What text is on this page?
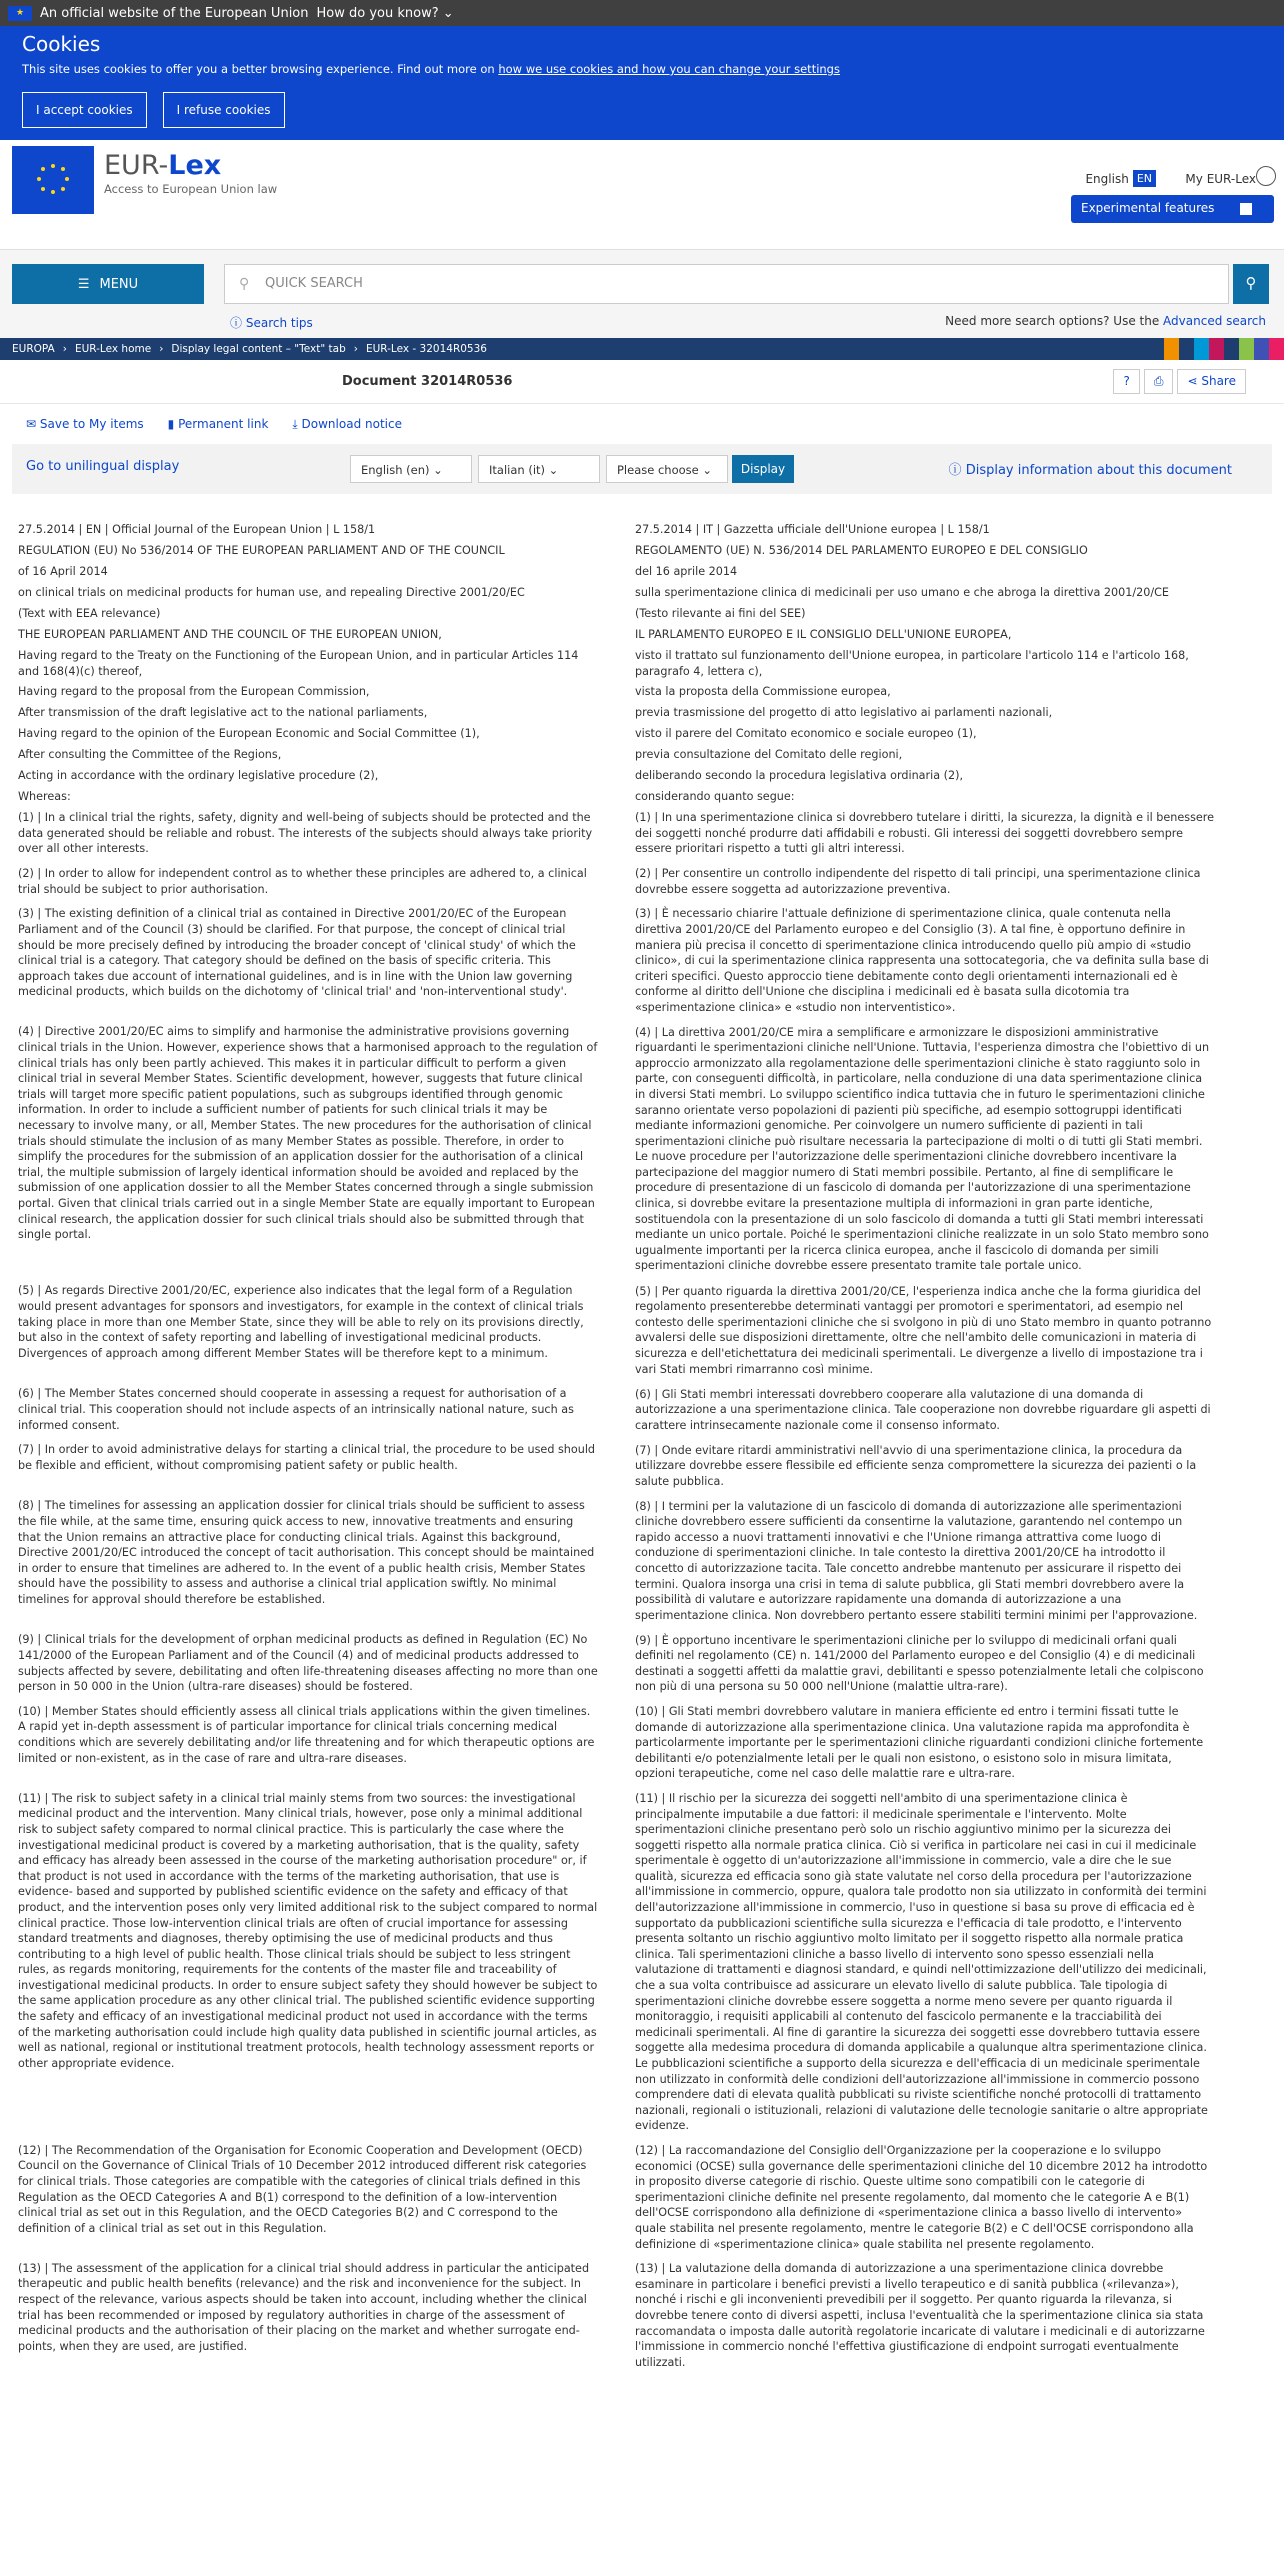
★	An official website of the European Union How do you know? ⌄
Cookies

This site uses cookies to offer you a better browsing experience. Find out more on how we use cookies and how you can change your settings

I accept cookies	I refuse cookies
EUR-Lex
Access to European Union law
English EN	My EUR-Lex
Experimental features
☰ MENU	⚲ QUICK SEARCH	⚲
ⓘ Search tips	Need more search options? Use the Advanced search
EUROPA › EUR-Lex home › Display legal content – "Text" tab › EUR-Lex - 32014R0536
Document 32014R0536	?	⎙	⋖ Share
✉ Save to My items ▮ Permanent link ⤓ Download notice
Go to unilingual display	English (en) ⌄	Italian (it) ⌄	Please choose ⌄	Display	ⓘ Display information about this document

27.5.2014 | EN | Official Journal of the European Union | L 158/1

REGULATION (EU) No 536/2014 OF THE EUROPEAN PARLIAMENT AND OF THE COUNCIL

of 16 April 2014

on clinical trials on medicinal products for human use, and repealing Directive 2001/20/EC

(Text with EEA relevance)

THE EUROPEAN PARLIAMENT AND THE COUNCIL OF THE EUROPEAN UNION,

Having regard to the Treaty on the Functioning of the European Union, and in particular Articles 114 and 168(4)(c) thereof,

Having regard to the proposal from the European Commission,

After transmission of the draft legislative act to the national parliaments,

Having regard to the opinion of the European Economic and Social Committee (1),

After consulting the Committee of the Regions,

Acting in accordance with the ordinary legislative procedure (2),

Whereas:

(1) | In a clinical trial the rights, safety, dignity and well-being of subjects should be protected and the data generated should be reliable and robust. The interests of the subjects should always take priority over all other interests.

(2) | In order to allow for independent control as to whether these principles are adhered to, a clinical trial should be subject to prior authorisation.

(3) | The existing definition of a clinical trial as contained in Directive 2001/20/EC of the European Parliament and of the Council (3) should be clarified. For that purpose, the concept of clinical trial should be more precisely defined by introducing the broader concept of 'clinical study' of which the clinical trial is a category. That category should be defined on the basis of specific criteria. This approach takes due account of international guidelines, and is in line with the Union law governing medicinal products, which builds on the dichotomy of 'clinical trial' and 'non-interventional study'.

(4) | Directive 2001/20/EC aims to simplify and harmonise the administrative provisions governing clinical trials in the Union. However, experience shows that a harmonised approach to the regulation of clinical trials has only been partly achieved. This makes it in particular difficult to perform a given clinical trial in several Member States. Scientific development, however, suggests that future clinical trials will target more specific patient populations, such as subgroups identified through genomic information. In order to include a sufficient number of patients for such clinical trials it may be necessary to involve many, or all, Member States. The new procedures for the authorisation of clinical trials should stimulate the inclusion of as many Member States as possible. Therefore, in order to simplify the procedures for the submission of an application dossier for the authorisation of a clinical trial, the multiple submission of largely identical information should be avoided and replaced by the submission of one application dossier to all the Member States concerned through a single submission portal. Given that clinical trials carried out in a single Member State are equally important to European clinical research, the application dossier for such clinical trials should also be submitted through that single portal.

(5) | As regards Directive 2001/20/EC, experience also indicates that the legal form of a Regulation would present advantages for sponsors and investigators, for example in the context of clinical trials taking place in more than one Member State, since they will be able to rely on its provisions directly, but also in the context of safety reporting and labelling of investigational medicinal products. Divergences of approach among different Member States will be therefore kept to a minimum.

(6) | The Member States concerned should cooperate in assessing a request for authorisation of a clinical trial. This cooperation should not include aspects of an intrinsically national nature, such as informed consent.

(7) | In order to avoid administrative delays for starting a clinical trial, the procedure to be used should be flexible and efficient, without compromising patient safety or public health.

(8) | The timelines for assessing an application dossier for clinical trials should be sufficient to assess the file while, at the same time, ensuring quick access to new, innovative treatments and ensuring that the Union remains an attractive place for conducting clinical trials. Against this background, Directive 2001/20/EC introduced the concept of tacit authorisation. This concept should be maintained in order to ensure that timelines are adhered to. In the event of a public health crisis, Member States should have the possibility to assess and authorise a clinical trial application swiftly. No minimal timelines for approval should therefore be established.

(9) | Clinical trials for the development of orphan medicinal products as defined in Regulation (EC) No 141/2000 of the European Parliament and of the Council (4) and of medicinal products addressed to subjects affected by severe, debilitating and often life-threatening diseases affecting no more than one person in 50 000 in the Union (ultra-rare diseases) should be fostered.

(10) | Member States should efficiently assess all clinical trials applications within the given timelines. A rapid yet in-depth assessment is of particular importance for clinical trials concerning medical conditions which are severely debilitating and/or life threatening and for which therapeutic options are limited or non-existent, as in the case of rare and ultra-rare diseases.

(11) | The risk to subject safety in a clinical trial mainly stems from two sources: the investigational medicinal product and the intervention. Many clinical trials, however, pose only a minimal additional risk to subject safety compared to normal clinical practice. This is particularly the case where the investigational medicinal product is covered by a marketing authorisation, that is the quality, safety and efficacy has already been assessed in the course of the marketing authorisation procedure" or, if that product is not used in accordance with the terms of the marketing authorisation, that use is evidence- based and supported by published scientific evidence on the safety and efficacy of that product, and the intervention poses only very limited additional risk to the subject compared to normal clinical practice. Those low-intervention clinical trials are often of crucial importance for assessing standard treatments and diagnoses, thereby optimising the use of medicinal products and thus contributing to a high level of public health. Those clinical trials should be subject to less stringent rules, as regards monitoring, requirements for the contents of the master file and traceability of investigational medicinal products. In order to ensure subject safety they should however be subject to the same application procedure as any other clinical trial. The published scientific evidence supporting the safety and efficacy of an investigational medicinal product not used in accordance with the terms of the marketing authorisation could include high quality data published in scientific journal articles, as well as national, regional or institutional treatment protocols, health technology assessment reports or other appropriate evidence.

(12) | The Recommendation of the Organisation for Economic Cooperation and Development (OECD) Council on the Governance of Clinical Trials of 10 December 2012 introduced different risk categories for clinical trials. Those categories are compatible with the categories of clinical trials defined in this Regulation as the OECD Categories A and B(1) correspond to the definition of a low-intervention clinical trial as set out in this Regulation, and the OECD Categories B(2) and C correspond to the definition of a clinical trial as set out in this Regulation.

(13) | The assessment of the application for a clinical trial should address in particular the anticipated therapeutic and public health benefits (relevance) and the risk and inconvenience for the subject. In respect of the relevance, various aspects should be taken into account, including whether the clinical trial has been recommended or imposed by regulatory authorities in charge of the assessment of medicinal products and the authorisation of their placing on the market and whether surrogate end-points, when they are used, are justified.

27.5.2014 | IT | Gazzetta ufficiale dell'Unione europea | L 158/1

REGOLAMENTO (UE) N. 536/2014 DEL PARLAMENTO EUROPEO E DEL CONSIGLIO

del 16 aprile 2014

sulla sperimentazione clinica di medicinali per uso umano e che abroga la direttiva 2001/20/CE

(Testo rilevante ai fini del SEE)

IL PARLAMENTO EUROPEO E IL CONSIGLIO DELL'UNIONE EUROPEA,

visto il trattato sul funzionamento dell'Unione europea, in particolare l'articolo 114 e l'articolo 168, paragrafo 4, lettera c),

vista la proposta della Commissione europea,

previa trasmissione del progetto di atto legislativo ai parlamenti nazionali,

visto il parere del Comitato economico e sociale europeo (1),

previa consultazione del Comitato delle regioni,

deliberando secondo la procedura legislativa ordinaria (2),

considerando quanto segue:

(1) | In una sperimentazione clinica si dovrebbero tutelare i diritti, la sicurezza, la dignità e il benessere dei soggetti nonché produrre dati affidabili e robusti. Gli interessi dei soggetti dovrebbero sempre essere prioritari rispetto a tutti gli altri interessi.

(2) | Per consentire un controllo indipendente del rispetto di tali principi, una sperimentazione clinica dovrebbe essere soggetta ad autorizzazione preventiva.

(3) | È necessario chiarire l'attuale definizione di sperimentazione clinica, quale contenuta nella direttiva 2001/20/CE del Parlamento europeo e del Consiglio (3). A tal fine, è opportuno definire in maniera più precisa il concetto di sperimentazione clinica introducendo quello più ampio di «studio clinico», di cui la sperimentazione clinica rappresenta una sottocategoria, che va definita sulla base di criteri specifici. Questo approccio tiene debitamente conto degli orientamenti internazionali ed è conforme al diritto dell'Unione che disciplina i medicinali ed è basata sulla dicotomia tra «sperimentazione clinica» e «studio non interventistico».

(4) | La direttiva 2001/20/CE mira a semplificare e armonizzare le disposizioni amministrative riguardanti le sperimentazioni cliniche nell'Unione. Tuttavia, l'esperienza dimostra che l'obiettivo di un approccio armonizzato alla regolamentazione delle sperimentazioni cliniche è stato raggiunto solo in parte, con conseguenti difficoltà, in particolare, nella conduzione di una data sperimentazione clinica in diversi Stati membri. Lo sviluppo scientifico indica tuttavia che in futuro le sperimentazioni cliniche saranno orientate verso popolazioni di pazienti più specifiche, ad esempio sottogruppi identificati mediante informazioni genomiche. Per coinvolgere un numero sufficiente di pazienti in tali sperimentazioni cliniche può risultare necessaria la partecipazione di molti o di tutti gli Stati membri. Le nuove procedure per l'autorizzazione delle sperimentazioni cliniche dovrebbero incentivare la partecipazione del maggior numero di Stati membri possibile. Pertanto, al fine di semplificare le procedure di presentazione di un fascicolo di domanda per l'autorizzazione di una sperimentazione clinica, si dovrebbe evitare la presentazione multipla di informazioni in gran parte identiche, sostituendola con la presentazione di un solo fascicolo di domanda a tutti gli Stati membri interessati mediante un unico portale. Poiché le sperimentazioni cliniche realizzate in un solo Stato membro sono ugualmente importanti per la ricerca clinica europea, anche il fascicolo di domanda per simili sperimentazioni cliniche dovrebbe essere presentato tramite tale portale unico.

(5) | Per quanto riguarda la direttiva 2001/20/CE, l'esperienza indica anche che la forma giuridica del regolamento presenterebbe determinati vantaggi per promotori e sperimentatori, ad esempio nel contesto delle sperimentazioni cliniche che si svolgono in più di uno Stato membro in quanto potranno avvalersi delle sue disposizioni direttamente, oltre che nell'ambito delle comunicazioni in materia di sicurezza e dell'etichettatura dei medicinali sperimentali. Le divergenze a livello di impostazione tra i vari Stati membri rimarranno così minime.

(6) | Gli Stati membri interessati dovrebbero cooperare alla valutazione di una domanda di autorizzazione a una sperimentazione clinica. Tale cooperazione non dovrebbe riguardare gli aspetti di carattere intrinsecamente nazionale come il consenso informato.

(7) | Onde evitare ritardi amministrativi nell'avvio di una sperimentazione clinica, la procedura da utilizzare dovrebbe essere flessibile ed efficiente senza compromettere la sicurezza dei pazienti o la salute pubblica.

(8) | I termini per la valutazione di un fascicolo di domanda di autorizzazione alle sperimentazioni cliniche dovrebbero essere sufficienti da consentirne la valutazione, garantendo nel contempo un rapido accesso a nuovi trattamenti innovativi e che l'Unione rimanga attrattiva come luogo di conduzione di sperimentazioni cliniche. In tale contesto la direttiva 2001/20/CE ha introdotto il concetto di autorizzazione tacita. Tale concetto andrebbe mantenuto per assicurare il rispetto dei termini. Qualora insorga una crisi in tema di salute pubblica, gli Stati membri dovrebbero avere la possibilità di valutare e autorizzare rapidamente una domanda di autorizzazione a una sperimentazione clinica. Non dovrebbero pertanto essere stabiliti termini minimi per l'approvazione.

(9) | È opportuno incentivare le sperimentazioni cliniche per lo sviluppo di medicinali orfani quali definiti nel regolamento (CE) n. 141/2000 del Parlamento europeo e del Consiglio (4) e di medicinali destinati a soggetti affetti da malattie gravi, debilitanti e spesso potenzialmente letali che colpiscono non più di una persona su 50 000 nell'Unione (malattie ultra-rare).

(10) | Gli Stati membri dovrebbero valutare in maniera efficiente ed entro i termini fissati tutte le domande di autorizzazione alla sperimentazione clinica. Una valutazione rapida ma approfondita è particolarmente importante per le sperimentazioni cliniche riguardanti condizioni cliniche fortemente debilitanti e/o potenzialmente letali per le quali non esistono, o esistono solo in misura limitata, opzioni terapeutiche, come nel caso delle malattie rare e ultra-rare.

(11) | Il rischio per la sicurezza dei soggetti nell'ambito di una sperimentazione clinica è principalmente imputabile a due fattori: il medicinale sperimentale e l'intervento. Molte sperimentazioni cliniche presentano però solo un rischio aggiuntivo minimo per la sicurezza dei soggetti rispetto alla normale pratica clinica. Ciò si verifica in particolare nei casi in cui il medicinale sperimentale è oggetto di un'autorizzazione all'immissione in commercio, vale a dire che le sue qualità, sicurezza ed efficacia sono già state valutate nel corso della procedura per l'autorizzazione all'immissione in commercio, oppure, qualora tale prodotto non sia utilizzato in conformità dei termini dell'autorizzazione all'immissione in commercio, l'uso in questione si basa su prove di efficacia ed è supportato da pubblicazioni scientifiche sulla sicurezza e l'efficacia di tale prodotto, e l'intervento presenta soltanto un rischio aggiuntivo molto limitato per il soggetto rispetto alla normale pratica clinica. Tali sperimentazioni cliniche a basso livello di intervento sono spesso essenziali nella valutazione di trattamenti e diagnosi standard, e quindi nell'ottimizzazione dell'utilizzo dei medicinali, che a sua volta contribuisce ad assicurare un elevato livello di salute pubblica. Tale tipologia di sperimentazioni cliniche dovrebbe essere soggetta a norme meno severe per quanto riguarda il monitoraggio, i requisiti applicabili al contenuto del fascicolo permanente e la tracciabilità dei medicinali sperimentali. Al fine di garantire la sicurezza dei soggetti esse dovrebbero tuttavia essere soggette alla medesima procedura di domanda applicabile a qualunque altra sperimentazione clinica. Le pubblicazioni scientifiche a supporto della sicurezza e dell'efficacia di un medicinale sperimentale non utilizzato in conformità delle condizioni dell'autorizzazione all'immissione in commercio possono comprendere dati di elevata qualità pubblicati su riviste scientifiche nonché protocolli di trattamento nazionali, regionali o istituzionali, relazioni di valutazione delle tecnologie sanitarie o altre appropriate evidenze.

(12) | La raccomandazione del Consiglio dell'Organizzazione per la cooperazione e lo sviluppo economici (OCSE) sulla governance delle sperimentazioni cliniche del 10 dicembre 2012 ha introdotto in proposito diverse categorie di rischio. Queste ultime sono compatibili con le categorie di sperimentazioni cliniche definite nel presente regolamento, dal momento che le categorie A e B(1) dell'OCSE corrispondono alla definizione di «sperimentazione clinica a basso livello di intervento» quale stabilita nel presente regolamento, mentre le categorie B(2) e C dell'OCSE corrispondono alla definizione di «sperimentazione clinica» quale stabilita nel presente regolamento.

(13) | La valutazione della domanda di autorizzazione a una sperimentazione clinica dovrebbe esaminare in particolare i benefici previsti a livello terapeutico e di sanità pubblica («rilevanza»), nonché i rischi e gli inconvenienti prevedibili per il soggetto. Per quanto riguarda la rilevanza, si dovrebbe tenere conto di diversi aspetti, inclusa l'eventualità che la sperimentazione clinica sia stata raccomandata o imposta dalle autorità regolatorie incaricate di valutare i medicinali e di autorizzarne l'immissione in commercio nonché l'effettiva giustificazione di endpoint surrogati eventualmente utilizzati.
